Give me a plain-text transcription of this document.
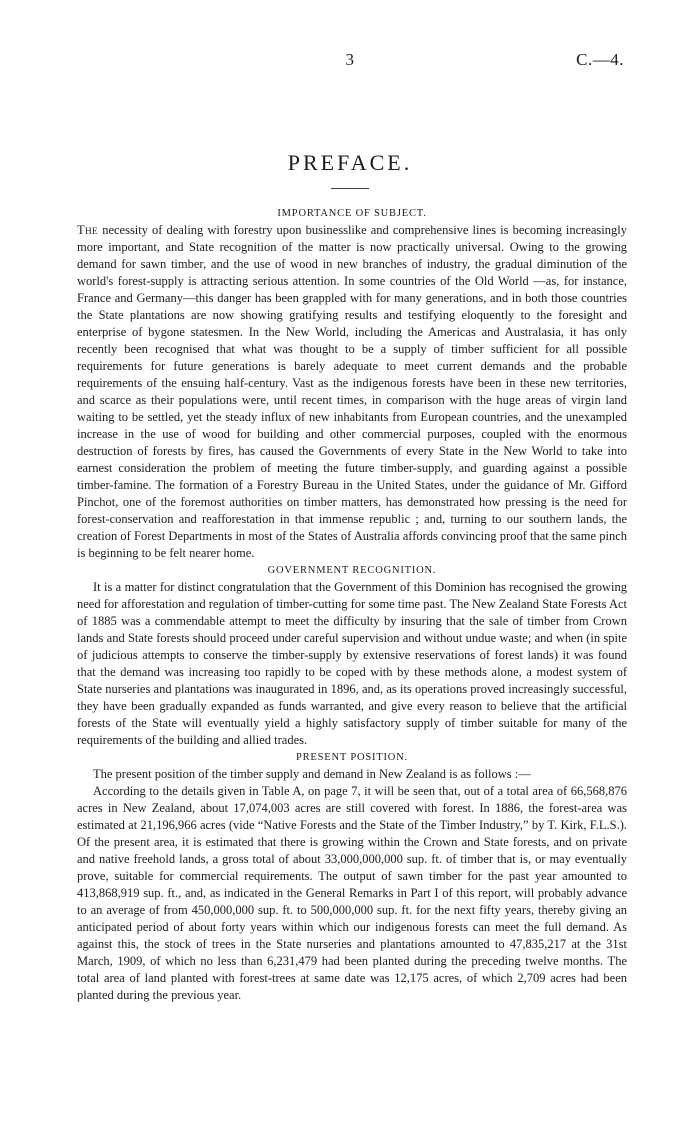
3	C.—4.
PREFACE.
IMPORTANCE OF SUBJECT.

The necessity of dealing with forestry upon businesslike and comprehensive lines is becoming increasingly more important, and State recognition of the matter is now practically universal. Owing to the growing demand for sawn timber, and the use of wood in new branches of industry, the gradual diminution of the world's forest-supply is attracting serious attention. In some countries of the Old World —as, for instance, France and Germany—this danger has been grappled with for many generations, and in both those countries the State plantations are now showing gratifying results and testifying eloquently to the foresight and enterprise of bygone statesmen. In the New World, including the Americas and Australasia, it has only recently been recognised that what was thought to be a supply of timber sufficient for all possible requirements for future generations is barely adequate to meet current demands and the probable requirements of the ensuing half-century. Vast as the indigenous forests have been in these new territories, and scarce as their populations were, until recent times, in comparison with the huge areas of virgin land waiting to be settled, yet the steady influx of new inhabitants from European countries, and the unexampled increase in the use of wood for building and other commercial purposes, coupled with the enormous destruction of forests by fires, has caused the Governments of every State in the New World to take into earnest consideration the problem of meeting the future timber-supply, and guarding against a possible timber-famine. The formation of a Forestry Bureau in the United States, under the guidance of Mr. Gifford Pinchot, one of the foremost authorities on timber matters, has demonstrated how pressing is the need for forest-conservation and reafforestation in that immense republic ; and, turning to our southern lands, the creation of Forest Departments in most of the States of Australia affords convincing proof that the same pinch is beginning to be felt nearer home.

GOVERNMENT RECOGNITION.

It is a matter for distinct congratulation that the Government of this Dominion has recognised the growing need for afforestation and regulation of timber-cutting for some time past. The New Zealand State Forests Act of 1885 was a commendable attempt to meet the difficulty by insuring that the sale of timber from Crown lands and State forests should proceed under careful supervision and without undue waste; and when (in spite of judicious attempts to conserve the timber-supply by extensive reservations of forest lands) it was found that the demand was increasing too rapidly to be coped with by these methods alone, a modest system of State nurseries and plantations was inaugurated in 1896, and, as its operations proved increasingly successful, they have been gradually expanded as funds warranted, and give every reason to believe that the artificial forests of the State will eventually yield a highly satisfactory supply of timber suitable for many of the requirements of the building and allied trades.

PRESENT POSITION.

The present position of the timber supply and demand in New Zealand is as follows :—

According to the details given in Table A, on page 7, it will be seen that, out of a total area of 66,568,876 acres in New Zealand, about 17,074,003 acres are still covered with forest. In 1886, the forest-area was estimated at 21,196,966 acres (vide “Native Forests and the State of the Timber Industry,” by T. Kirk, F.L.S.). Of the present area, it is estimated that there is growing within the Crown and State forests, and on private and native freehold lands, a gross total of about 33,000,000,000 sup. ft. of timber that is, or may eventually prove, suitable for commercial requirements. The output of sawn timber for the past year amounted to 413,868,919 sup. ft., and, as indicated in the General Remarks in Part I of this report, will probably advance to an average of from 450,000,000 sup. ft. to 500,000,000 sup. ft. for the next fifty years, thereby giving an anticipated period of about forty years within which our indigenous forests can meet the full demand. As against this, the stock of trees in the State nurseries and plantations amounted to 47,835,217 at the 31st March, 1909, of which no less than 6,231,479 had been planted during the preceding twelve months. The total area of land planted with forest-trees at same date was 12,175 acres, of which 2,709 acres had been planted during the previous year.
